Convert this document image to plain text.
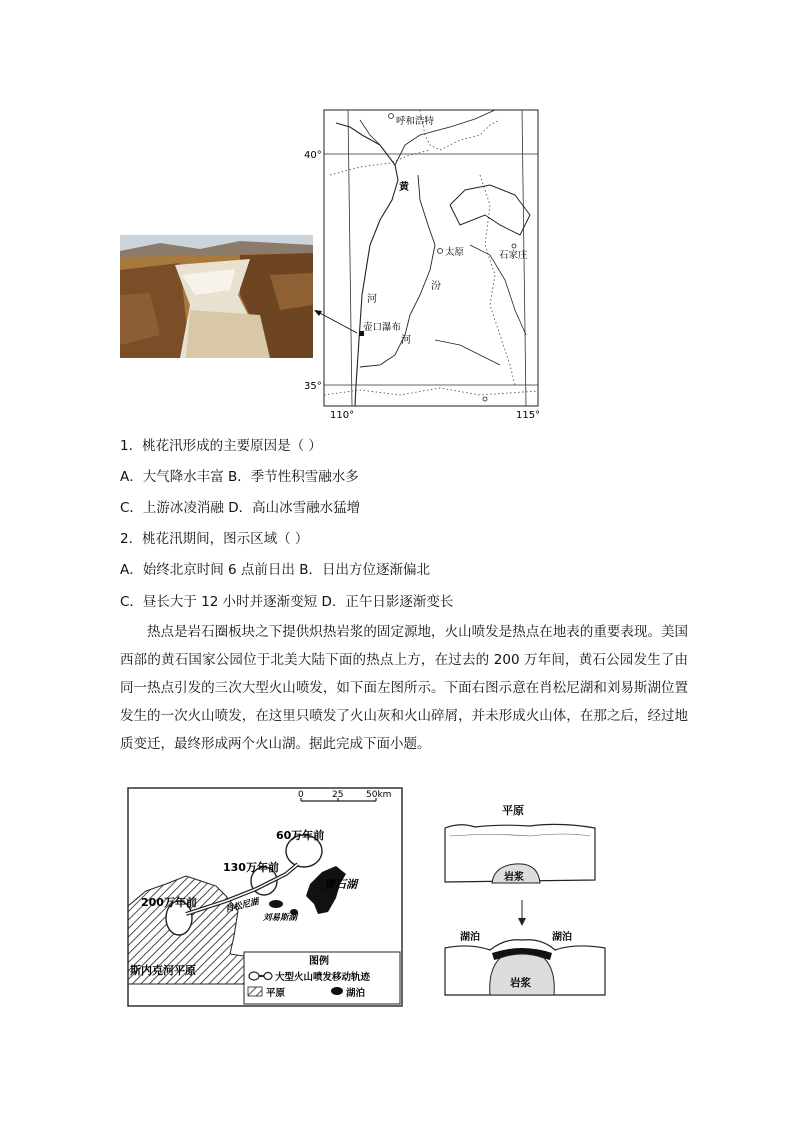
40°
35°
110°	115°
呼和浩特
太原	石家庄
黄
河
汾
河
壶口瀑布
1．桃花汛形成的主要原因是（ ）
A．大气降水丰富 B．季节性积雪融水多
C．上游冰凌消融 D．高山冰雪融水猛增
2．桃花汛期间，图示区域（ ）
A．始终北京时间 6 点前日出 B．日出方位逐渐偏北
C．昼长大于 12 小时并逐渐变短 D．正午日影逐渐变长
热点是岩石圈板块之下提供炽热岩浆的固定源地，火山喷发是热点在地表的重要表现。美国西部的黄石国家公园位于北美大陆下面的热点上方，在过去的 200 万年间，黄石公园发生了由同一热点引发的三次大型火山喷发，如下面左图所示。下面右图示意在肖松尼湖和刘易斯湖位置发生的一次火山喷发，在这里只喷发了火山灰和火山碎屑，并未形成火山体，在那之后，经过地质变迁，最终形成两个火山湖。据此完成下面小题。
0	25	50km
60万年前
130万年前
200万年前
黄石湖
肖松尼湖
刘易斯湖
斯内克河平原
图例
大型火山喷发移动轨迹
平原	湖泊
平原
岩浆
湖泊	湖泊
岩浆
